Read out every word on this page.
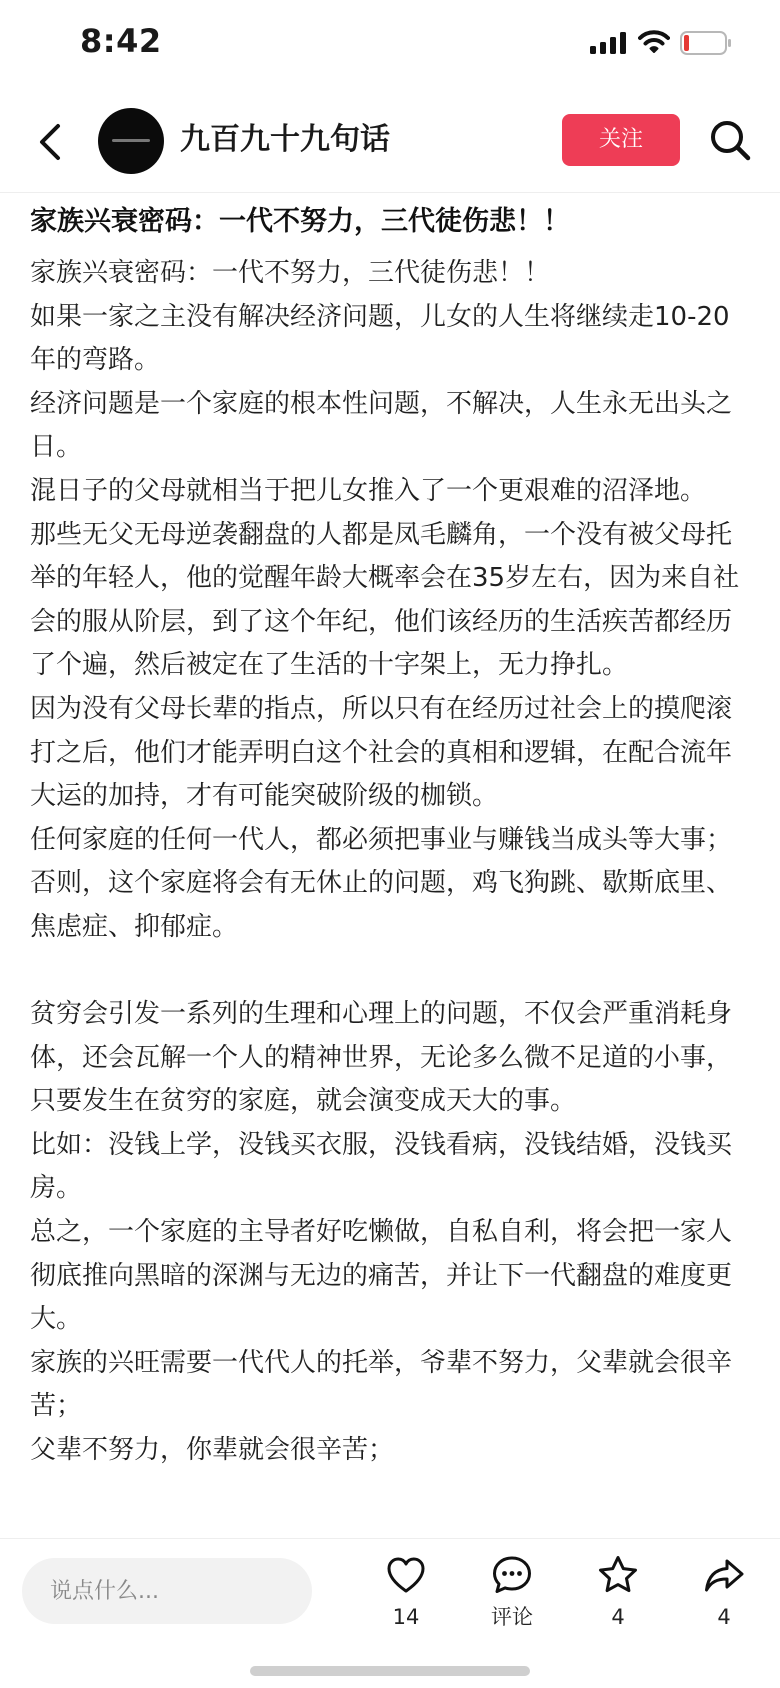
8:42
九百九十九句话	关注
家族兴衰密码：一代不努力，三代徒伤悲！！

家族兴衰密码：一代不努力，三代徒伤悲！！

如果一家之主没有解决经济问题，儿女的人生将继续走10-20年的弯路。

经济问题是一个家庭的根本性问题，不解决，人生永无出头之日。

混日子的父母就相当于把儿女推入了一个更艰难的沼泽地。

那些无父无母逆袭翻盘的人都是凤毛麟角，一个没有被父母托举的年轻人，他的觉醒年龄大概率会在35岁左右，因为来自社会的服从阶层，到了这个年纪，他们该经历的生活疾苦都经历了个遍，然后被定在了生活的十字架上，无力挣扎。

因为没有父母长辈的指点，所以只有在经历过社会上的摸爬滚打之后，他们才能弄明白这个社会的真相和逻辑，在配合流年大运的加持，才有可能突破阶级的枷锁。

任何家庭的任何一代人，都必须把事业与赚钱当成头等大事；否则，这个家庭将会有无休止的问题，鸡飞狗跳、歇斯底里、焦虑症、抑郁症。

贫穷会引发一系列的生理和心理上的问题，不仅会严重消耗身体，还会瓦解一个人的精神世界，无论多么微不足道的小事，只要发生在贫穷的家庭，就会演变成天大的事。

比如：没钱上学，没钱买衣服，没钱看病，没钱结婚，没钱买房。

总之，一个家庭的主导者好吃懒做，自私自利，将会把一家人彻底推向黑暗的深渊与无边的痛苦，并让下一代翻盘的难度更大。

家族的兴旺需要一代代人的托举，爷辈不努力，父辈就会很辛苦；

父辈不努力，你辈就会很辛苦；

说点什么...
14	评论	4	4
